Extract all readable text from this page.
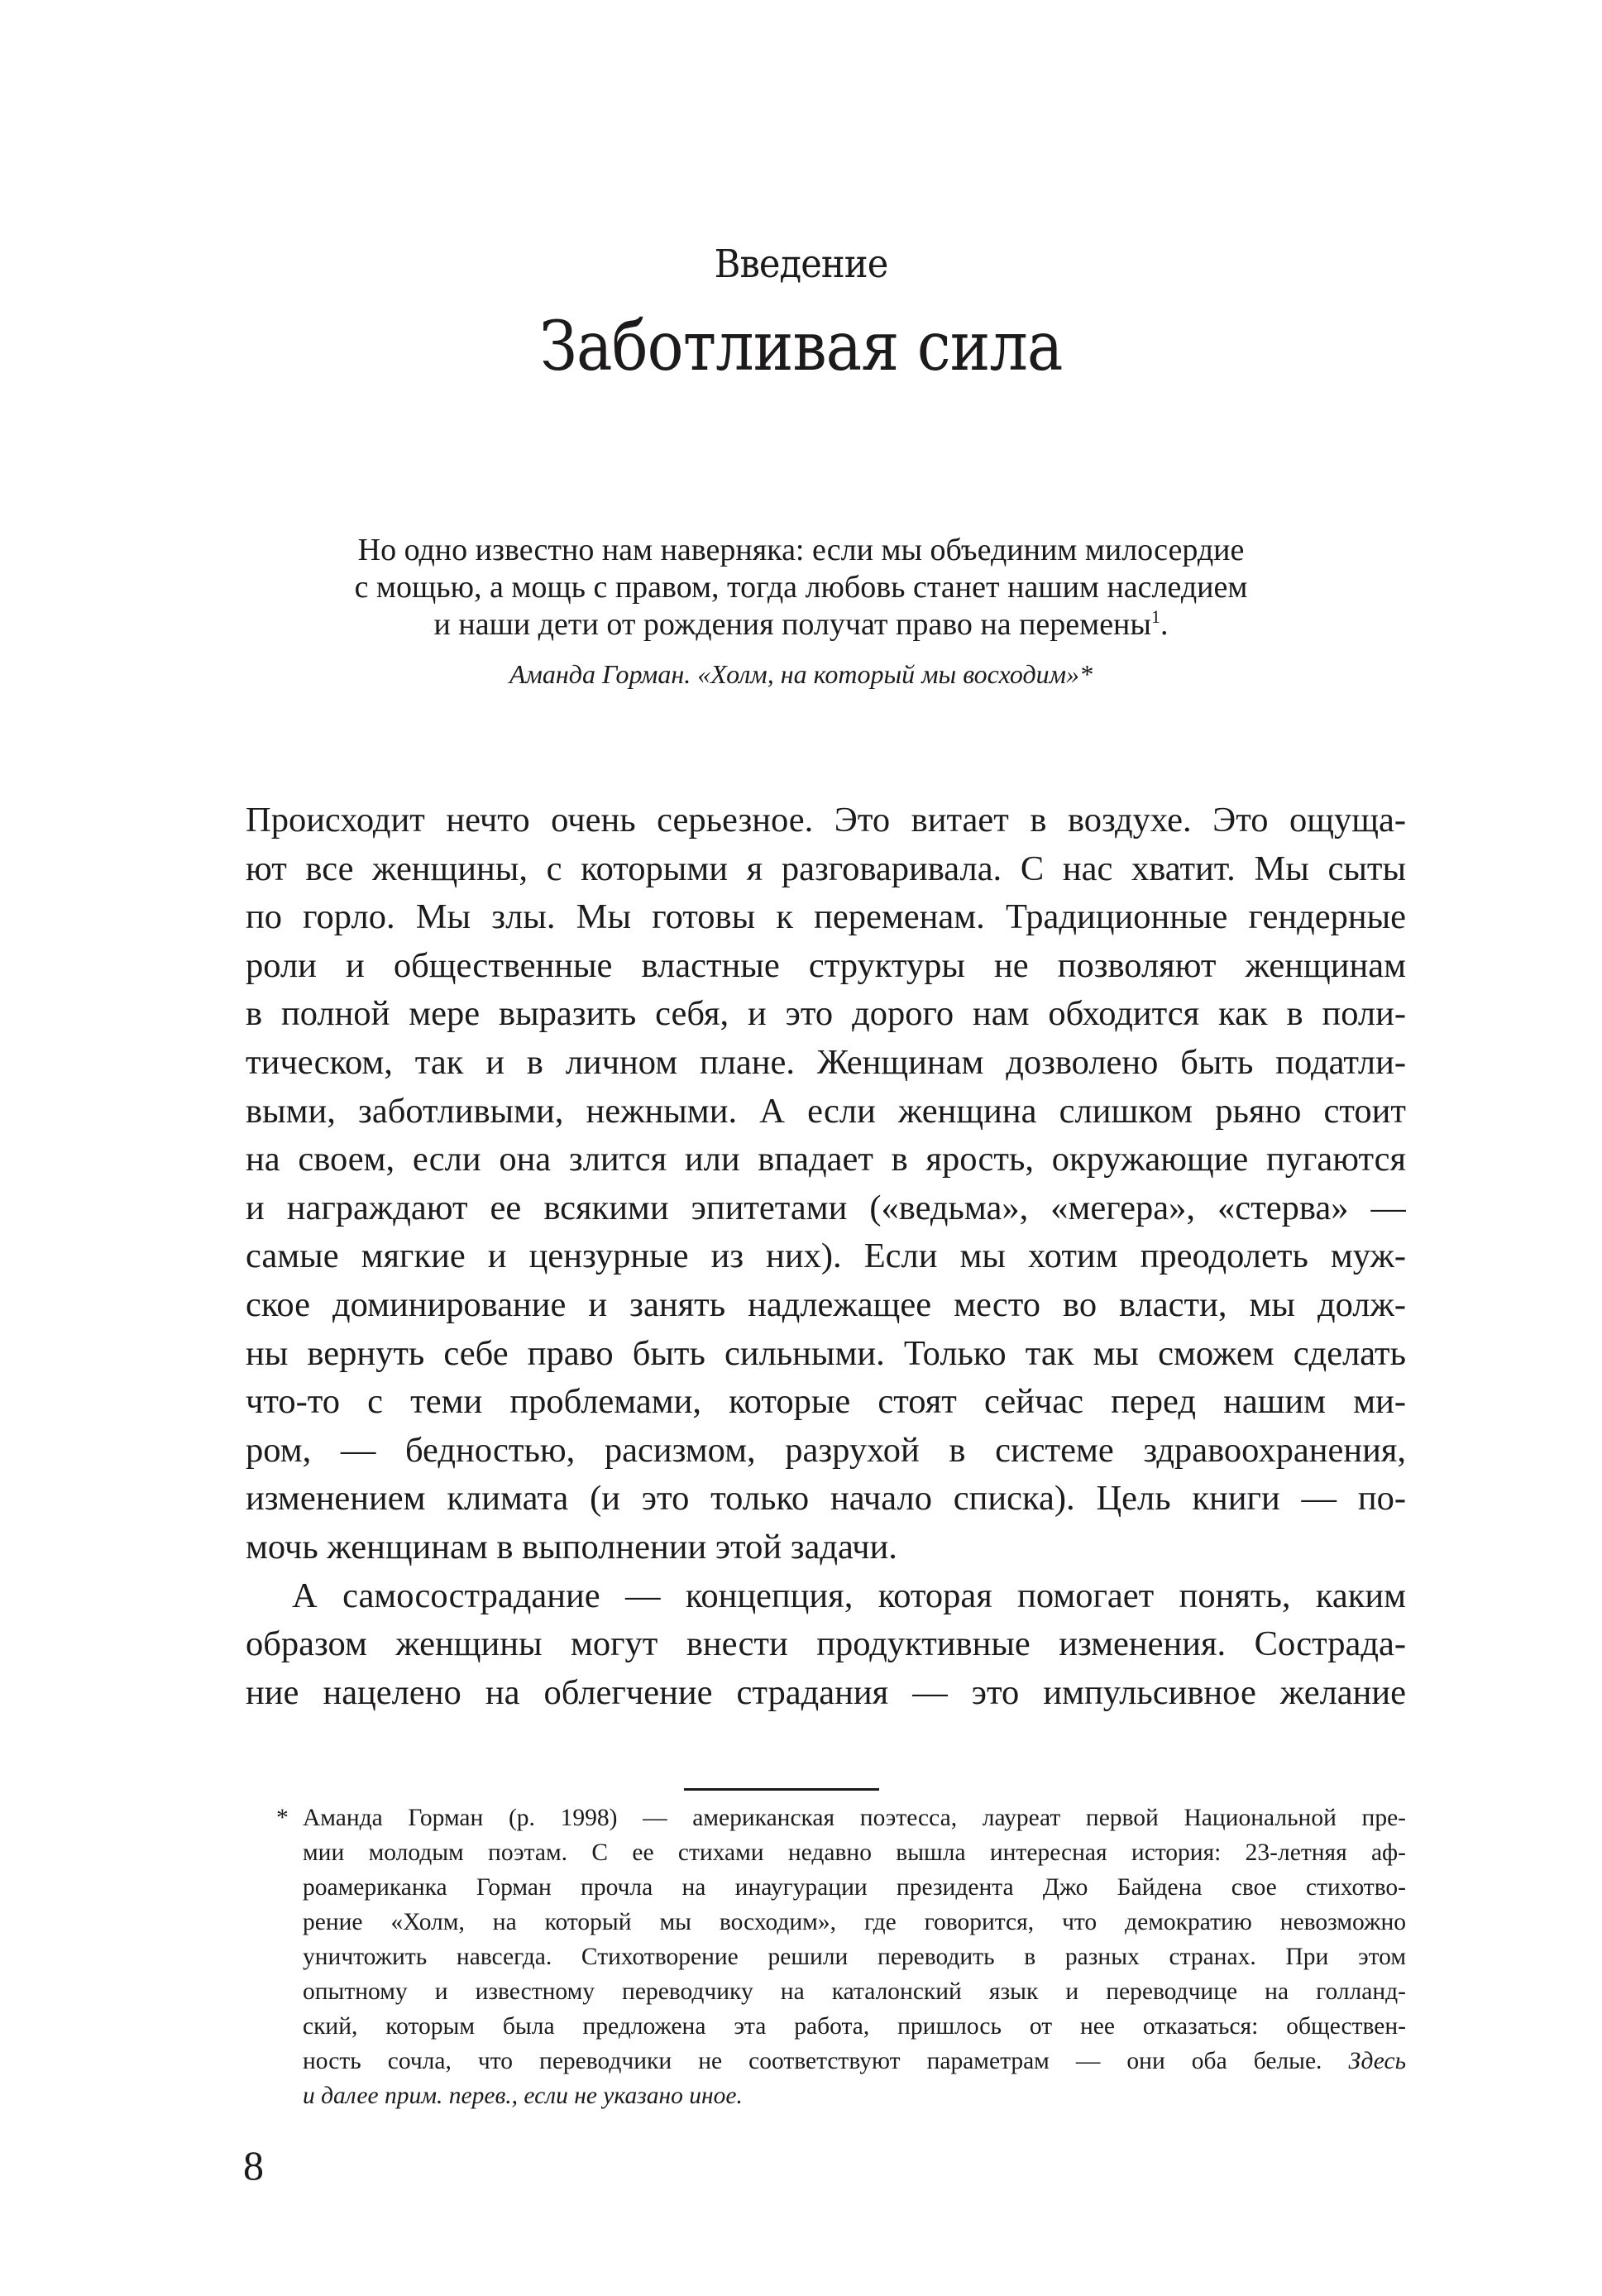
Введение
Заботливая сила
Но одно известно нам наверняка: если мы объединим милосердие
с мощью, а мощь с правом, тогда любовь станет нашим наследием
и наши дети от рождения получат право на перемены$^1$.
Аманда Горман. «Холм, на который мы восходим»*
Происходит нечто очень серьезное. Это витает в воздухе. Это ощуща-
ют все женщины, с которыми я разговаривала. С нас хватит. Мы сыты
по горло. Мы злы. Мы готовы к переменам. Традиционные гендерные
роли и общественные властные структуры не позволяют женщинам
в полной мере выразить себя, и это дорого нам обходится как в поли-
тическом, так и в личном плане. Женщинам дозволено быть податли-
выми, заботливыми, нежными. А если женщина слишком рьяно стоит
на своем, если она злится или впадает в ярость, окружающие пугаются
и награждают ее всякими эпитетами («ведьма», «мегера», «стерва» —
самые мягкие и цензурные из них). Если мы хотим преодолеть муж-
ское доминирование и занять надлежащее место во власти, мы долж-
ны вернуть себе право быть сильными. Только так мы сможем сделать
что-то с теми проблемами, которые стоят сейчас перед нашим ми-
ром, — бедностью, расизмом, разрухой в системе здравоохранения,
изменением климата (и это только начало списка). Цель книги — по-
мочь женщинам в выполнении этой задачи.
А самосострадание — концепция, которая помогает понять, каким
образом женщины могут внести продуктивные изменения. Сострада-
ние нацелено на облегчение страдания — это импульсивное желание
* Аманда Горман (р. 1998) — американская поэтесса, лауреат первой Национальной пре-
мии молодым поэтам. С ее стихами недавно вышла интересная история: 23-летняя аф-
роамериканка Горман прочла на инаугурации президента Джо Байдена свое стихотво-
рение «Холм, на который мы восходим», где говорится, что демократию невозможно
уничтожить навсегда. Стихотворение решили переводить в разных странах. При этом
опытному и известному переводчику на каталонский язык и переводчице на голланд-
ский, которым была предложена эта работа, пришлось от нее отказаться: обществен-
ность сочла, что переводчики не соответствуют параметрам — они оба белые. Здесь
и далее прим. перев., если не указано иное.
8
